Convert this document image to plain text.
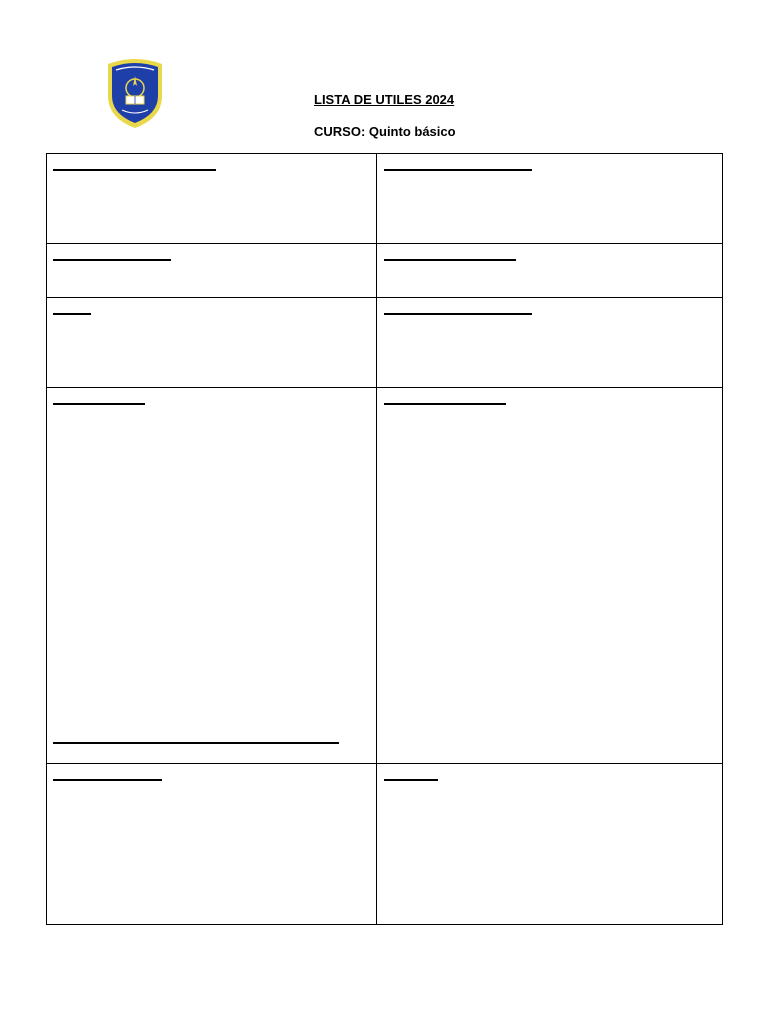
LISTA DE UTILES 2024
CURSO: Quinto básico
